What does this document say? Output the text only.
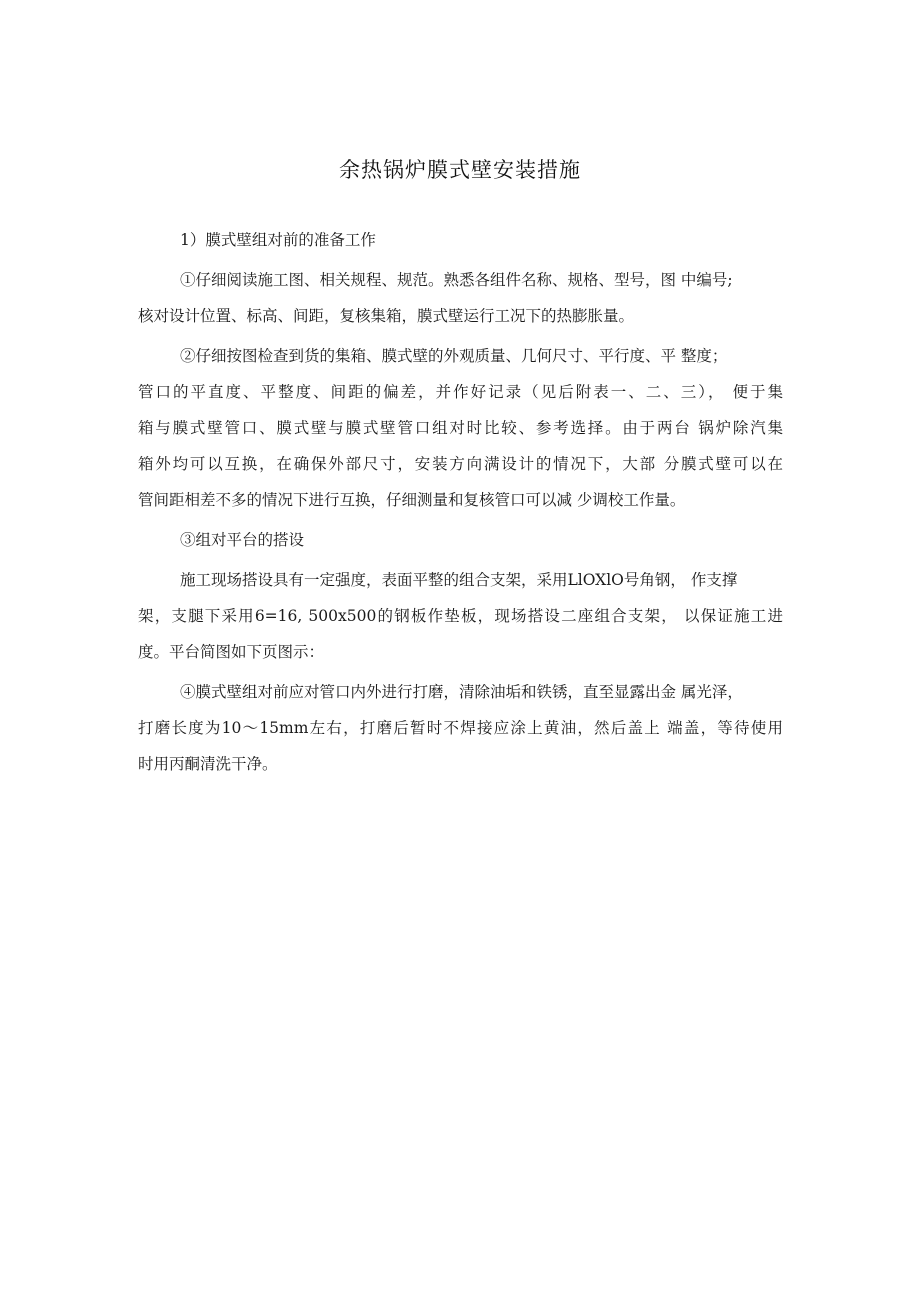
余热锅炉膜式壁安装措施
1）膜式壁组对前的准备工作
①仔细阅读施工图、相关规程、规范。熟悉各组件名称、规格、型号，图 中编号;
核对设计位置、标高、间距，复核集箱，膜式壁运行工况下的热膨胀量。
②仔细按图检查到货的集箱、膜式壁的外观质量、几何尺寸、平行度、平 整度；
管口的平直度、平整度、间距的偏差，并作好记录（见后附表一、二、三）， 便于集
箱与膜式壁管口、膜式壁与膜式壁管口组对时比较、参考选择。由于两台 锅炉除汽集
箱外均可以互换，在确保外部尺寸，安装方向满设计的情况下，大部 分膜式壁可以在
管间距相差不多的情况下进行互换，仔细测量和复核管口可以减 少调校工作量。
③组对平台的搭设
施工现场搭设具有一定强度，表面平整的组合支架，采用LlOXlO号角钢， 作支撑
架，支腿下采用6=16, 500x500的钢板作垫板，现场搭设二座组合支架， 以保证施工进
度。平台简图如下页图示：
④膜式壁组对前应对管口内外进行打磨，清除油垢和铁锈，直至显露出金 属光泽，
打磨长度为10～15mm左右，打磨后暂时不焊接应涂上黄油，然后盖上 端盖，等待使用
时用丙酮清洗干净。
